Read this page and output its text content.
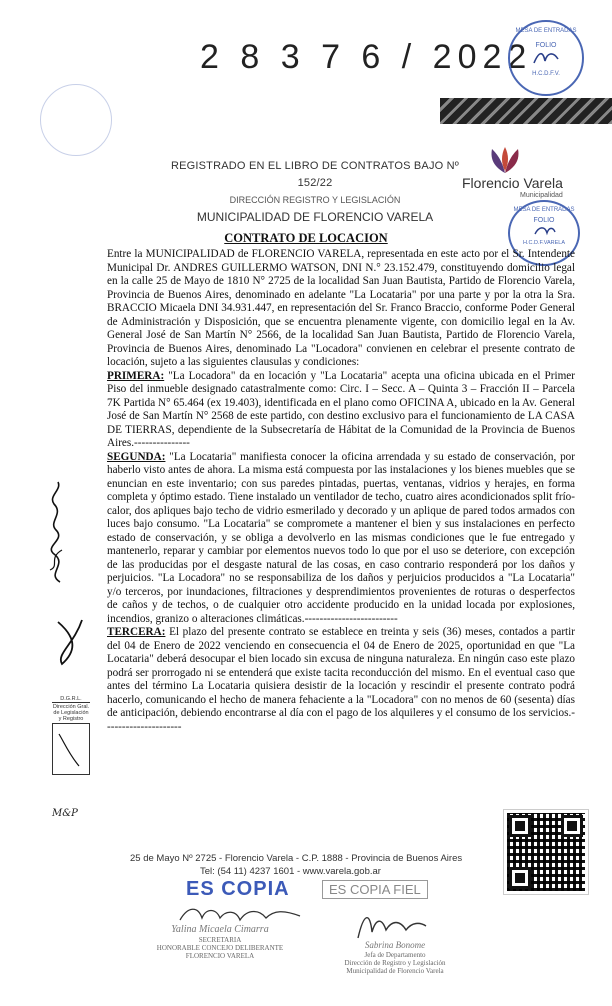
2 8 3 7 6 / 2022
MESA DE ENTRADAS
FOLIO
H.C.D.F.V.
REGISTRADO EN EL LIBRO DE CONTRATOS BAJO Nº 152/22
DIRECCIÓN REGISTRO Y LEGISLACIÓN
MUNICIPALIDAD DE FLORENCIO VARELA
Florencio Varela
Municipalidad
MESA DE ENTRADAS
FOLIO
H.C.D.F.VARELA
CONTRATO DE LOCACION

Entre la MUNICIPALIDAD de FLORENCIO VARELA, representada en este acto por el Sr. Intendente Municipal Dr. ANDRES GUILLERMO WATSON, DNI N.° 23.152.479, constituyendo domicilio legal en la calle 25 de Mayo de 1810 N° 2725 de la localidad San Juan Bautista, Partido de Florencio Varela, Provincia de Buenos Aires, denominado en adelante "La Locataria" por una parte y por la otra la Sra. BRACCIO Micaela DNI 34.931.447, en representación del Sr. Franco Braccio, conforme Poder General de Administración y Disposición, que se encuentra plenamente vigente, con domicilio legal en la Av. General José de San Martín N° 2566, de la localidad San Juan Bautista, Partido de Florencio Varela, Provincia de Buenos Aires, denominado La "Locadora" convienen en celebrar el presente contrato de locación, sujeto a las siguientes clausulas y condiciones:

PRIMERA: "La Locadora" da en locación y "La Locataria" acepta una oficina ubicada en el Primer Piso del inmueble designado catastralmente como: Circ. I – Secc. A – Quinta 3 – Fracción II – Parcela 7K Partida N° 65.464 (ex 19.403), identificada en el plano como OFICINA A, ubicado en la Av. General José de San Martín N° 2568 de este partido, con destino exclusivo para el funcionamiento de LA CASA DE TIERRAS, dependiente de la Subsecretaría de Hábitat de la Comunidad de la Provincia de Buenos Aires.---------------

SEGUNDA: "La Locataria" manifiesta conocer la oficina arrendada y su estado de conservación, por haberlo visto antes de ahora. La misma está compuesta por las instalaciones y los bienes muebles que se enuncian en este inventario; con sus paredes pintadas, puertas, ventanas, vidrios y herajes, en forma completa y óptimo estado. Tiene instalado un ventilador de techo, cuatro aires acondicionados split frío-calor, dos apliques bajo techo de vidrio esmerilado y decorado y un aplique de pared todos armados con luces bajo consumo. "La Locataria" se compromete a mantener el bien y sus instalaciones en perfecto estado de conservación, y se obliga a devolverlo en las mismas condiciones que le fue entregado y mantenerlo, reparar y cambiar por elementos nuevos todo lo que por el uso se deteriore, con excepción de las producidas por el desgaste natural de las cosas, en caso contrario responderá por los daños y perjuicios. "La Locadora" no se responsabiliza de los daños y perjuicios producidos a "La Locataria" y/o terceros, por inundaciones, filtraciones y desprendimientos provenientes de roturas o desperfectos de caños y de techos, o de cualquier otro accidente producido en la unidad locada por explosiones, incendios, granizo o alteraciones climáticas.-------------------------

TERCERA: El plazo del presente contrato se establece en treinta y seis (36) meses, contados a partir del 04 de Enero de 2022 venciendo en consecuencia el 04 de Enero de 2025, oportunidad en que "La Locataria" deberá desocupar el bien locado sin excusa de ninguna naturaleza. En ningún caso este plazo podrá ser prorrogado ni se entenderá que existe tacita reconducción del mismo. En el eventual caso que antes del término La Locataria quisiera desistir de la locación y rescindir el presente contrato podrá hacerlo, comunicando el hecho de manera fehaciente a la "Locadora" con no menos de 60 (sesenta) días de anticipación, debiendo encontrarse al día con el pago de los alquileres y el consumo de los servicios.---------------------

D.G.R.L.
Dirección Gral. de Legislación y Registro
M&P
25 de Mayo Nº 2725 - Florencio Varela - C.P. 1888 - Provincia de Buenos Aires
Tel: (54 11) 4237 1601 - www.varela.gob.ar
ES COPIA	ES COPIA FIEL
Yalina Micaela Cimarra
SECRETARIA
HONORABLE CONCEJO DELIBERANTE
FLORENCIO VARELA
Sabrina Bonome
Jefa de Departamento
Dirección de Registro y Legislación
Municipalidad de Florencio Varela
